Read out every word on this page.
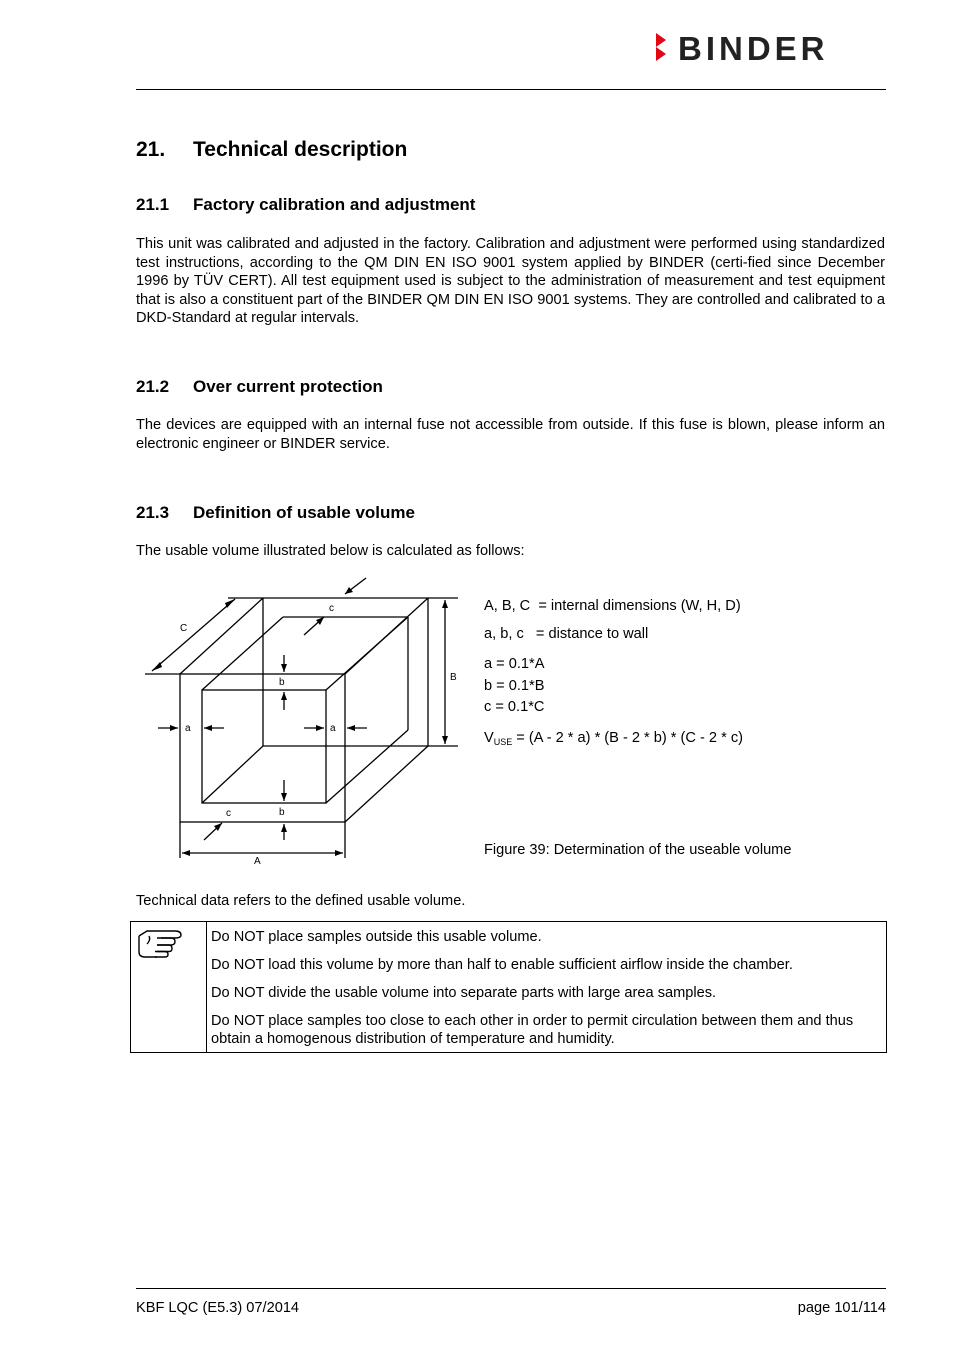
BINDER
21. Technical description
21.1 Factory calibration and adjustment

This unit was calibrated and adjusted in the factory. Calibration and adjustment were performed using standardized test instructions, according to the QM DIN EN ISO 9001 system applied by BINDER (certi-fied since December 1996 by TÜV CERT). All test equipment used is subject to the administration of measurement and test equipment that is also a constituent part of the BINDER QM DIN EN ISO 9001 systems. They are controlled and calibrated to a DKD-Standard at regular intervals.

21.2 Over current protection

The devices are equipped with an internal fuse not accessible from outside. If this fuse is blown, please inform an electronic engineer or BINDER service.

21.3 Definition of usable volume

The usable volume illustrated below is calculated as follows:

C
B
A
a	a
b
b
c
c
A, B, C  = internal dimensions (W, H, D)
a, b, c   = distance to wall
a = 0.1*A
b = 0.1*B
c = 0.1*C
$V_{USE} = (A - 2 * a) * (B - 2 * b) * (C - 2 * c)$
Figure 39: Determination of the useable volume

Technical data refers to the defined usable volume.

Do NOT place samples outside this usable volume.
Do NOT load this volume by more than half to enable sufficient airflow inside the chamber.
Do NOT divide the usable volume into separate parts with large area samples.
Do NOT place samples too close to each other in order to permit circulation between them and thus obtain a homogenous distribution of temperature and humidity.
KBF LQC (E5.3) 07/2014	page 101/114
